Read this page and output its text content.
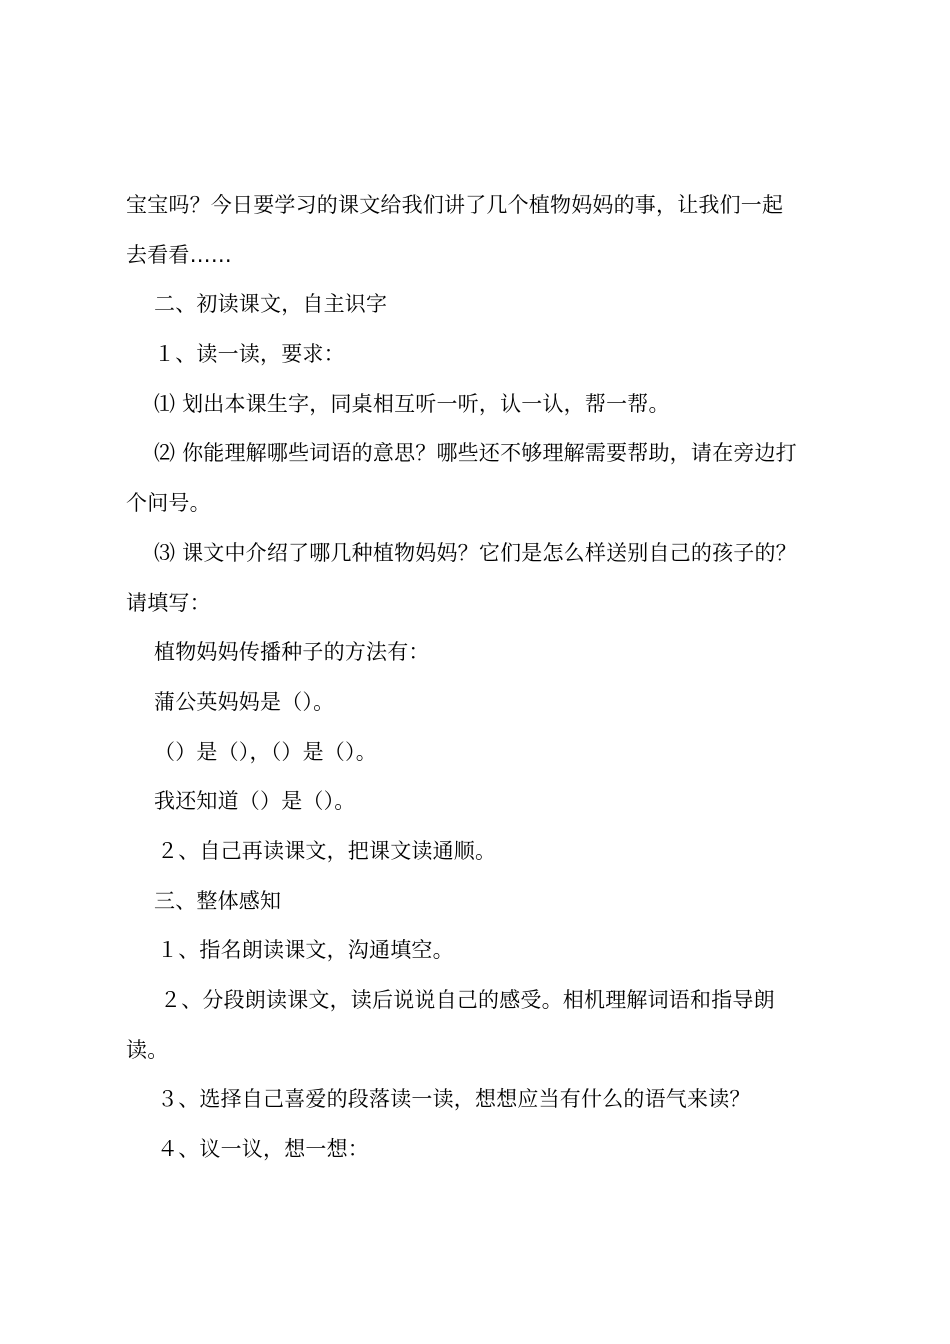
宝宝吗？今日要学习的课文给我们讲了几个植物妈妈的事，让我们一起
去看看……
二、初读课文，自主识字
１、读一读，要求：
⑴ 划出本课生字，同桌相互听一听，认一认，帮一帮。
⑵ 你能理解哪些词语的意思？哪些还不够理解需要帮助，请在旁边打
个问号。
⑶ 课文中介绍了哪几种植物妈妈？它们是怎么样送别自己的孩子的？
请填写：
植物妈妈传播种子的方法有：
蒲公英妈妈是（）。
（）是（），（）是（）。
我还知道（）是（）。
２、自己再读课文，把课文读通顺。
三、整体感知
１、指名朗读课文，沟通填空。
２、分段朗读课文，读后说说自己的感受。相机理解词语和指导朗
读。
３、选择自己喜爱的段落读一读，想想应当有什么的语气来读？
４、议一议，想一想：
